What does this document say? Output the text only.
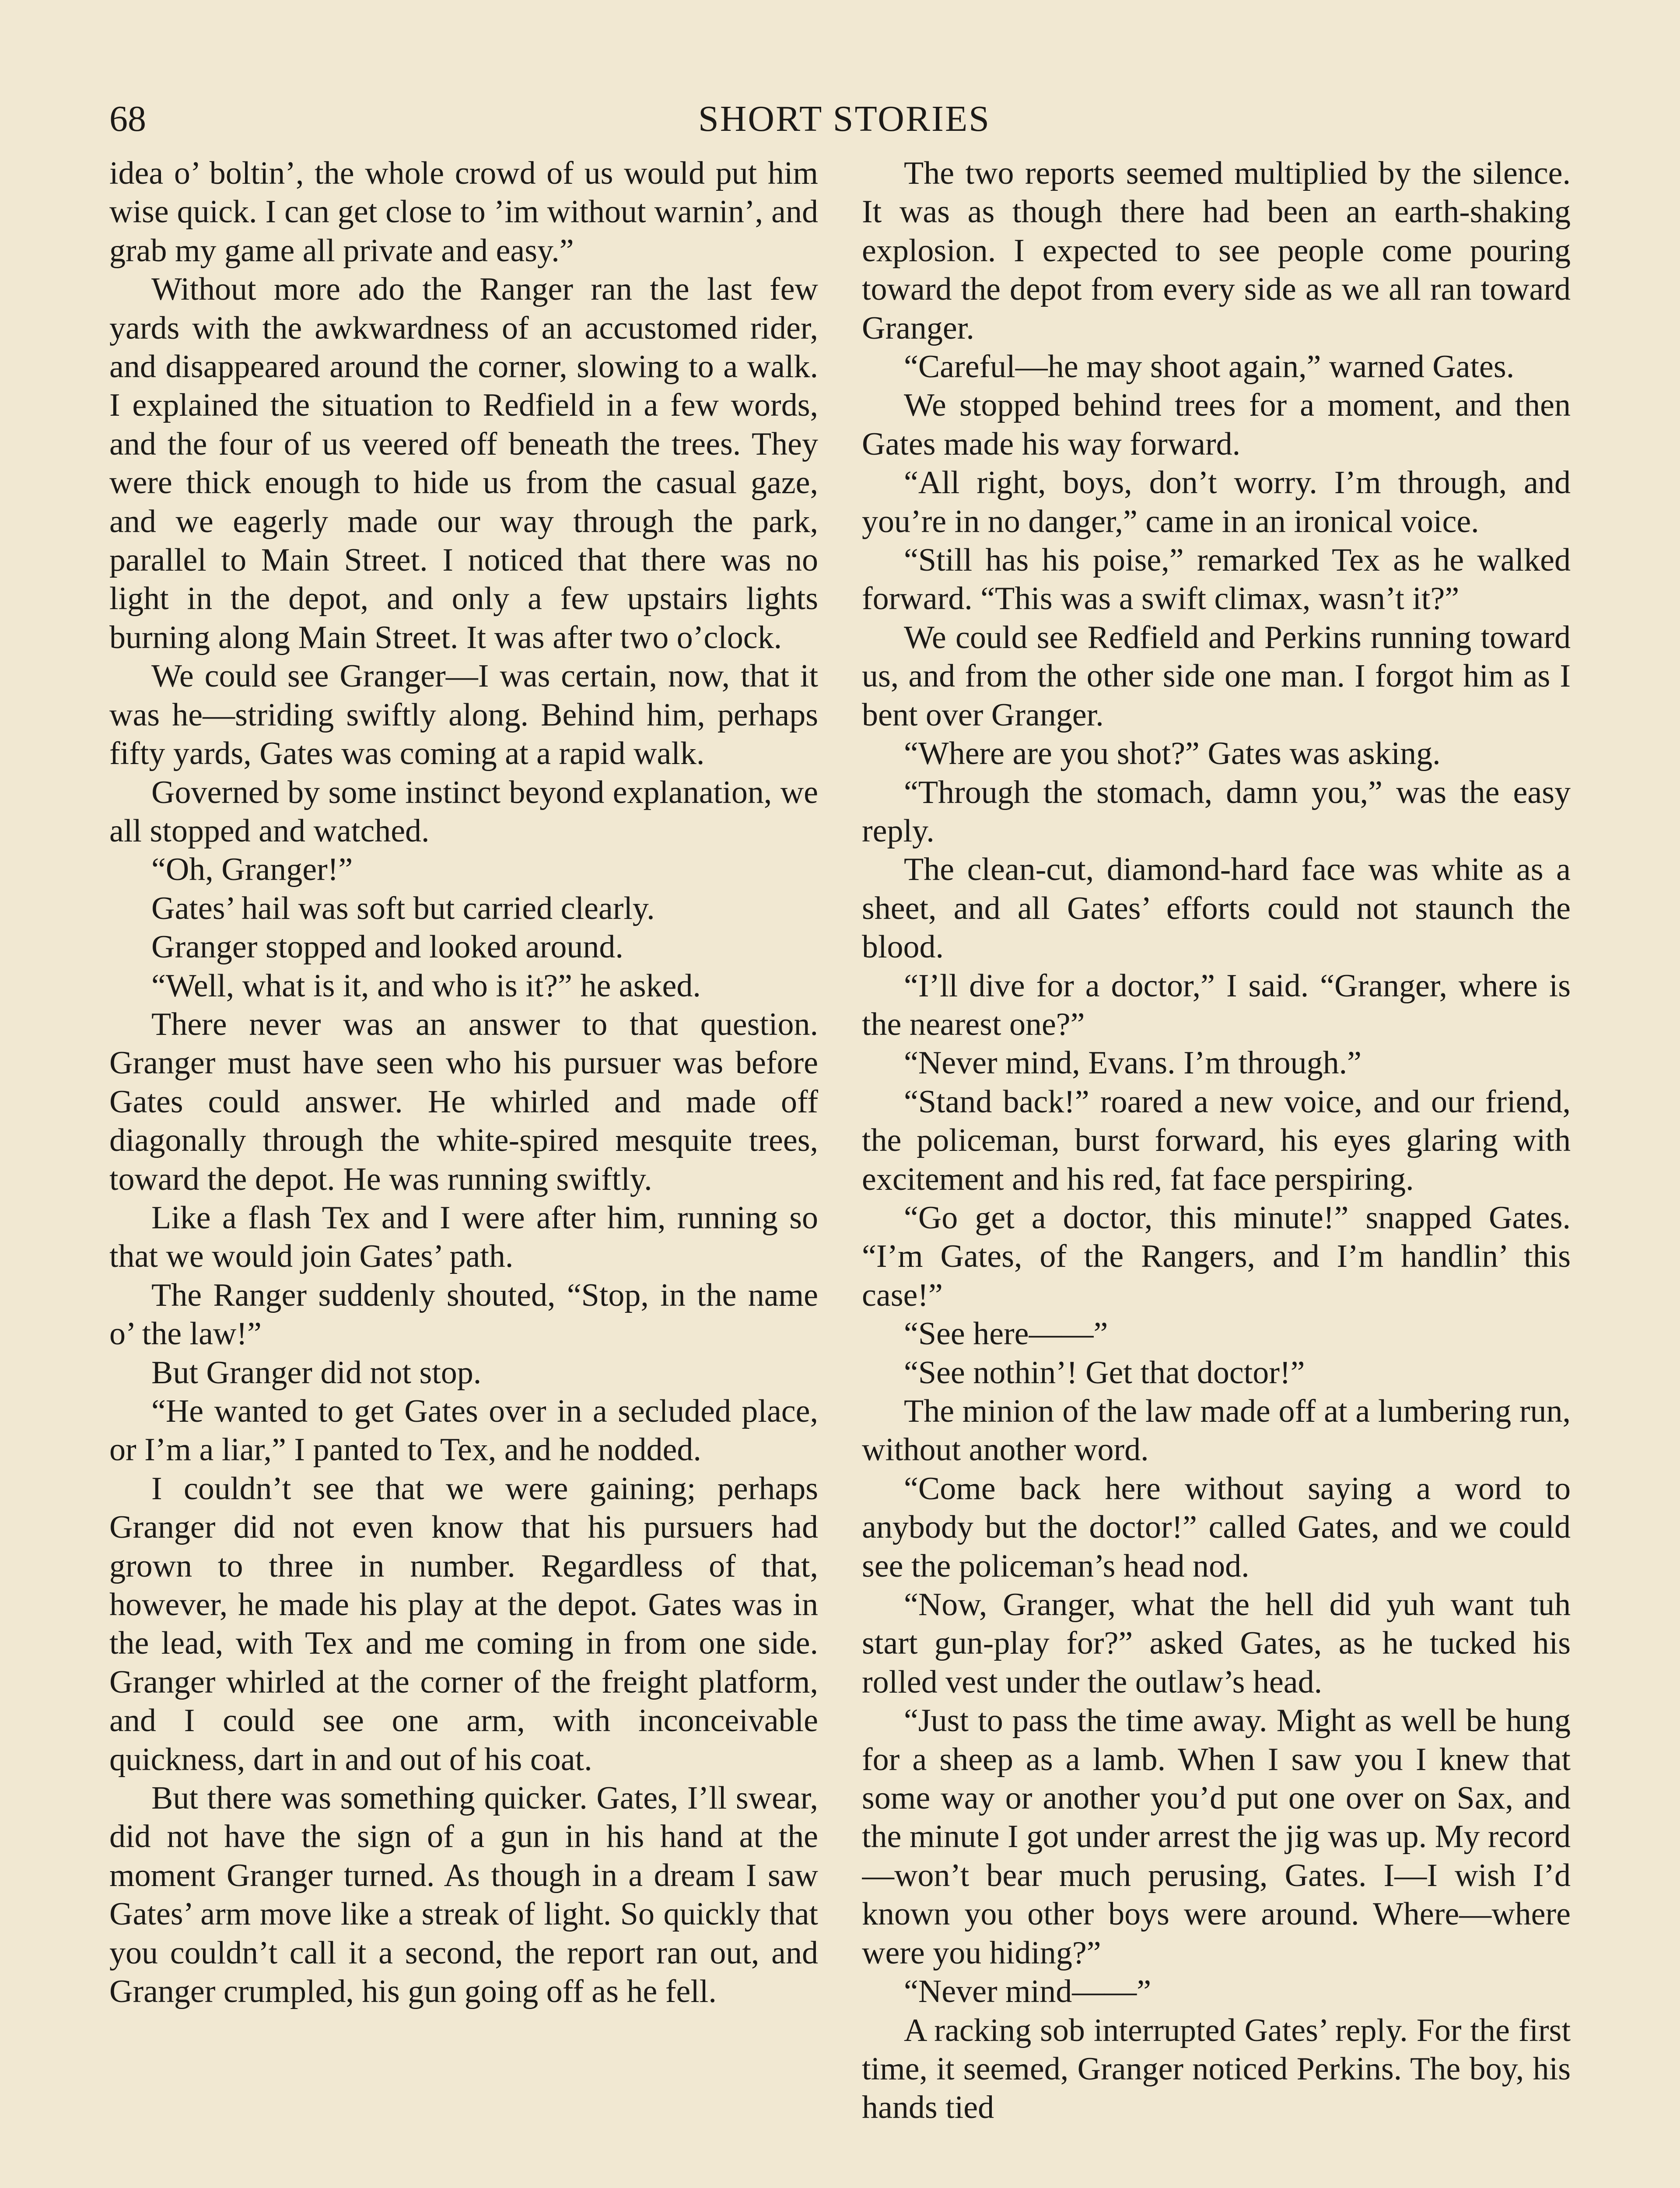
68	SHORT STORIES

idea o’ boltin’, the whole crowd of us would put him wise quick. I can get close to ’im without warnin’, and grab my game all private and easy.”

Without more ado the Ranger ran the last few yards with the awkwardness of an accustomed rider, and disappeared around the corner, slowing to a walk. I explained the situation to Redfield in a few words, and the four of us veered off beneath the trees. They were thick enough to hide us from the casual gaze, and we eagerly made our way through the park, parallel to Main Street. I noticed that there was no light in the depot, and only a few upstairs lights burning along Main Street. It was after two o’clock.

We could see Granger—I was certain, now, that it was he—striding swiftly along. Behind him, perhaps fifty yards, Gates was coming at a rapid walk.

Governed by some instinct beyond explanation, we all stopped and watched.

“Oh, Granger!”

Gates’ hail was soft but carried clearly.

Granger stopped and looked around.

“Well, what is it, and who is it?” he asked.

There never was an answer to that question. Granger must have seen who his pursuer was before Gates could answer. He whirled and made off diagonally through the white-spired mesquite trees, toward the depot. He was running swiftly.

Like a flash Tex and I were after him, running so that we would join Gates’ path.

The Ranger suddenly shouted, “Stop, in the name o’ the law!”

But Granger did not stop.

“He wanted to get Gates over in a secluded place, or I’m a liar,” I panted to Tex, and he nodded.

I couldn’t see that we were gaining; perhaps Granger did not even know that his pursuers had grown to three in number. Regardless of that, however, he made his play at the depot. Gates was in the lead, with Tex and me coming in from one side. Granger whirled at the corner of the freight platform, and I could see one arm, with inconceivable quickness, dart in and out of his coat.

But there was something quicker. Gates, I’ll swear, did not have the sign of a gun in his hand at the moment Granger turned. As though in a dream I saw Gates’ arm move like a streak of light. So quickly that you couldn’t call it a second, the report ran out, and Granger crumpled, his gun going off as he fell.

The two reports seemed multiplied by the silence. It was as though there had been an earth-shaking explosion. I expected to see people come pouring toward the depot from every side as we all ran toward Granger.

“Careful—he may shoot again,” warned Gates.

We stopped behind trees for a moment, and then Gates made his way forward.

“All right, boys, don’t worry. I’m through, and you’re in no danger,” came in an ironical voice.

“Still has his poise,” remarked Tex as he walked forward. “This was a swift climax, wasn’t it?”

We could see Redfield and Perkins running toward us, and from the other side one man. I forgot him as I bent over Granger.

“Where are you shot?” Gates was asking.

“Through the stomach, damn you,” was the easy reply.

The clean-cut, diamond-hard face was white as a sheet, and all Gates’ efforts could not staunch the blood.

“I’ll dive for a doctor,” I said. “Granger, where is the nearest one?”

“Never mind, Evans. I’m through.”

“Stand back!” roared a new voice, and our friend, the policeman, burst forward, his eyes glaring with excitement and his red, fat face perspiring.

“Go get a doctor, this minute!” snapped Gates. “I’m Gates, of the Rangers, and I’m handlin’ this case!”

“See here——”

“See nothin’! Get that doctor!”

The minion of the law made off at a lumbering run, without another word.

“Come back here without saying a word to anybody but the doctor!” called Gates, and we could see the policeman’s head nod.

“Now, Granger, what the hell did yuh want tuh start gun-play for?” asked Gates, as he tucked his rolled vest under the outlaw’s head.

“Just to pass the time away. Might as well be hung for a sheep as a lamb. When I saw you I knew that some way or another you’d put one over on Sax, and the minute I got under arrest the jig was up. My record—won’t bear much perusing, Gates. I—I wish I’d known you other boys were around. Where—where were you hiding?”

“Never mind——”

A racking sob interrupted Gates’ reply. For the first time, it seemed, Granger noticed Perkins. The boy, his hands tied
